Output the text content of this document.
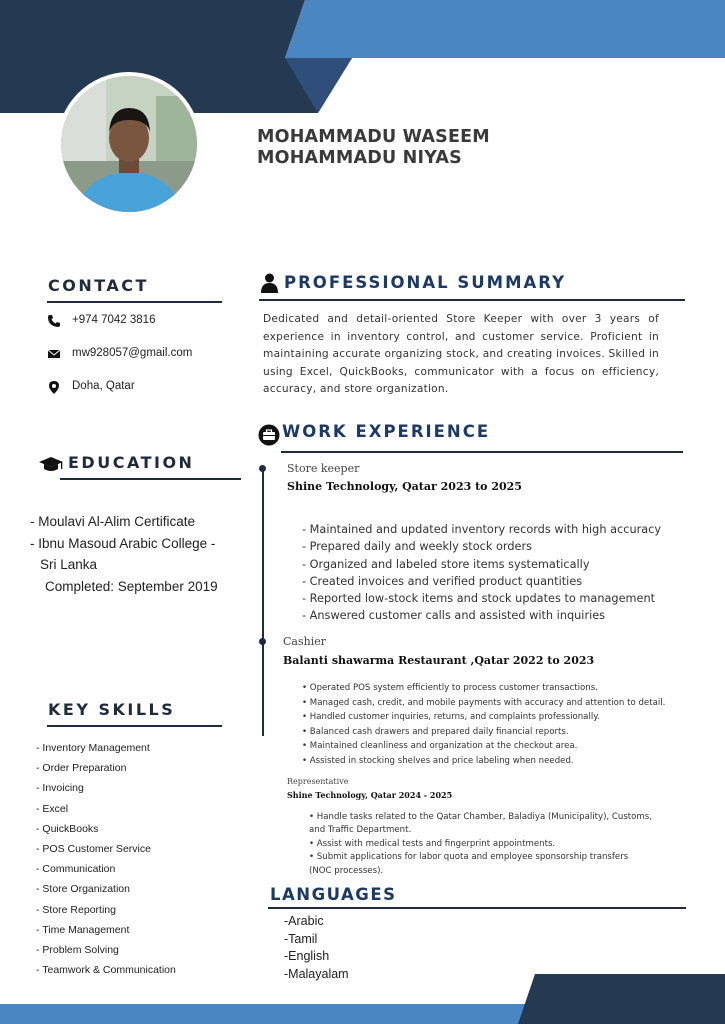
MOHAMMADU WASEEM
MOHAMMADU NIYAS
CONTACT
+974 7042 3816
mw928057@gmail.com
Doha, Qatar
EDUCATION
- Moulavi Al-Alim Certificate
- Ibnu Masoud Arabic College -
Sri Lanka
Completed: September 2019
KEY SKILLS
- Inventory Management
- Order Preparation
- Invoicing
- Excel
- QuickBooks
- POS Customer Service
- Communication
- Store Organization
- Store Reporting
- Time Management
- Problem Solving
- Teamwork & Communication
PROFESSIONAL SUMMARY
Dedicated and detail-oriented Store Keeper with over 3 years of experience in inventory control, and customer service. Proficient in maintaining accurate organizing stock, and creating invoices. Skilled in using Excel, QuickBooks, communicator with a focus on efficiency, accuracy, and store organization.
WORK EXPERIENCE
Store keeper
Shine Technology, Qatar 2023 to 2025
- Maintained and updated inventory records with high accuracy
- Prepared daily and weekly stock orders
- Organized and labeled store items systematically
- Created invoices and verified product quantities
- Reported low-stock items and stock updates to management
- Answered customer calls and assisted with inquiries
Cashier
Balanti shawarma Restaurant ,Qatar 2022 to 2023
• Operated POS system efficiently to process customer transactions.
• Managed cash, credit, and mobile payments with accuracy and attention to detail.
• Handled customer inquiries, returns, and complaints professionally.
• Balanced cash drawers and prepared daily financial reports.
• Maintained cleanliness and organization at the checkout area.
• Assisted in stocking shelves and price labeling when needed.
Representative
Shine Technology, Qatar 2024 - 2025
• Handle tasks related to the Qatar Chamber, Baladiya (Municipality), Customs,
and Traffic Department.
• Assist with medical tests and fingerprint appointments.
• Submit applications for labor quota and employee sponsorship transfers
(NOC processes).
LANGUAGES
-Arabic
-Tamil
-English
-Malayalam
